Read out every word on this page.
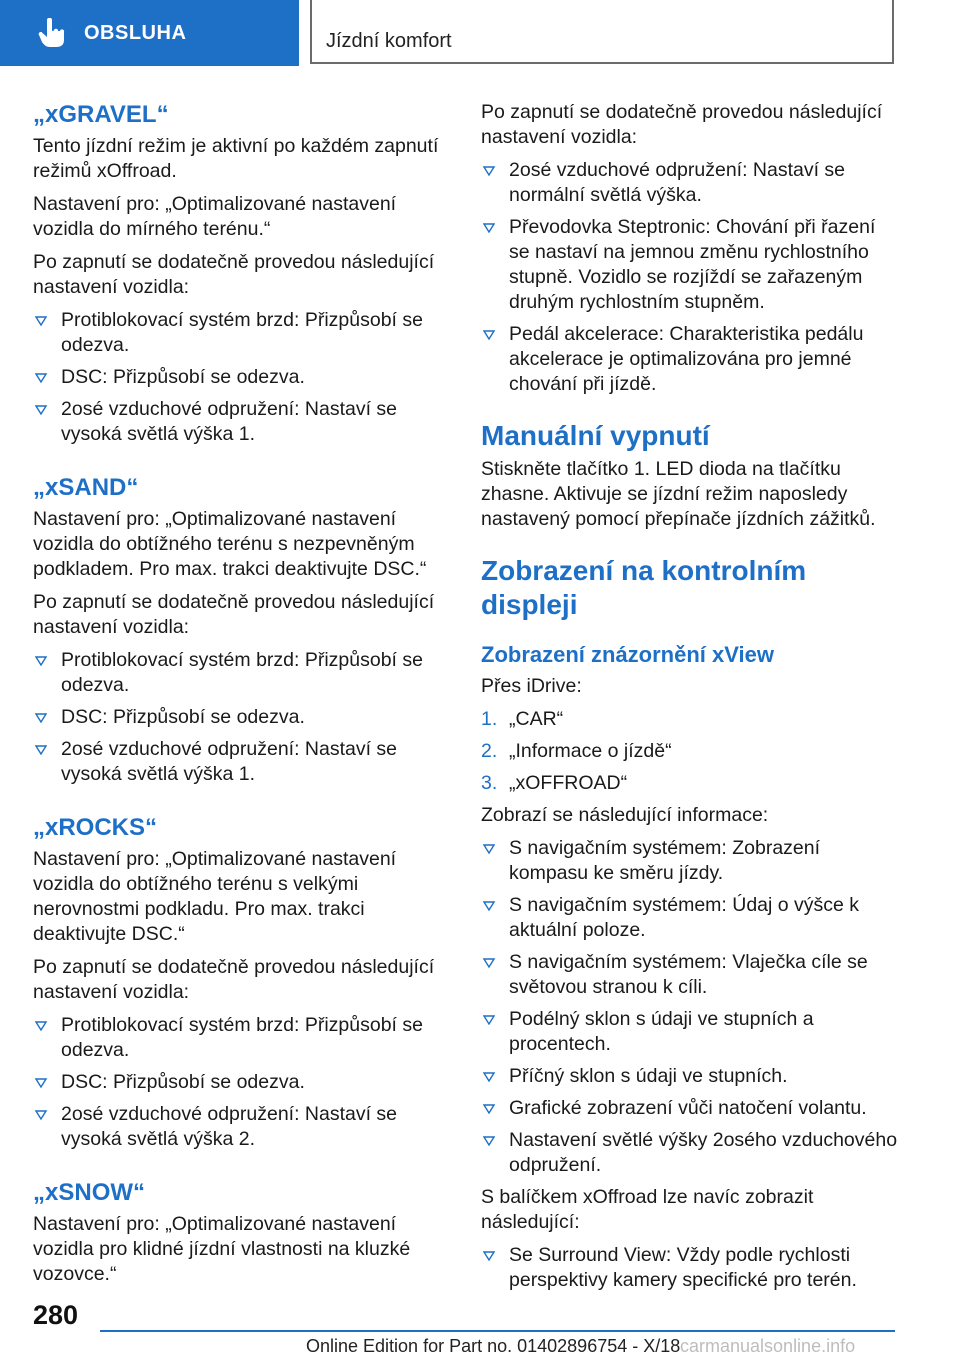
OBSLUHA	Jízdní komfort
„xGRAVEL“

Tento jízdní režim je aktivní po každém zapnutí režimů xOffroad.

Nastavení pro: „Optimalizované nastavení vozidla do mírného terénu.“

Po zapnutí se dodatečně provedou následující nastavení vozidla:

Protiblokovací systém brzd: Přizpůsobí se odezva.
DSC: Přizpůsobí se odezva.
2osé vzduchové odpružení: Nastaví se vysoká světlá výška 1.
„xSAND“

Nastavení pro: „Optimalizované nastavení vozidla do obtížného terénu s nezpevněným podkladem. Pro max. trakci deaktivujte DSC.“

Po zapnutí se dodatečně provedou následující nastavení vozidla:

Protiblokovací systém brzd: Přizpůsobí se odezva.
DSC: Přizpůsobí se odezva.
2osé vzduchové odpružení: Nastaví se vysoká světlá výška 1.
„xROCKS“

Nastavení pro: „Optimalizované nastavení vozidla do obtížného terénu s velkými nerovnostmi podkladu. Pro max. trakci deaktivujte DSC.“

Po zapnutí se dodatečně provedou následující nastavení vozidla:

Protiblokovací systém brzd: Přizpůsobí se odezva.
DSC: Přizpůsobí se odezva.
2osé vzduchové odpružení: Nastaví se vysoká světlá výška 2.
„xSNOW“

Nastavení pro: „Optimalizované nastavení vozidla pro klidné jízdní vlastnosti na kluzké vozovce.“

Po zapnutí se dodatečně provedou následující nastavení vozidla:

2osé vzduchové odpružení: Nastaví se normální světlá výška.
Převodovka Steptronic: Chování při řazení se nastaví na jemnou změnu rychlostního stupně. Vozidlo se rozjíždí se zařazeným druhým rychlostním stupněm.
Pedál akcelerace: Charakteristika pedálu akcelerace je optimalizována pro jemné chování při jízdě.
Manuální vypnutí

Stiskněte tlačítko 1. LED dioda na tlačítku zhasne. Aktivuje se jízdní režim naposledy nastavený pomocí přepínače jízdních zážitků.

Zobrazení na kontrolním displeji
Zobrazení znázornění xView

Přes iDrive:

1. „CAR“
2. „Informace o jízdě“
3. „xOFFROAD“

Zobrazí se následující informace:

S navigačním systémem: Zobrazení kompasu ke směru jízdy.
S navigačním systémem: Údaj o výšce k aktuální poloze.
S navigačním systémem: Vlaječka cíle se světovou stranou k cíli.
Podélný sklon s údaji ve stupních a procentech.
Příčný sklon s údaji ve stupních.
Grafické zobrazení vůči natočení volantu.
Nastavení světlé výšky 2osého vzduchového odpružení.

S balíčkem xOffroad lze navíc zobrazit následující:

Se Surround View: Vždy podle rychlosti perspektivy kamery specifické pro terén.
280
Online Edition for Part no. 01402896754 - X/18 carmanualsonline.info
